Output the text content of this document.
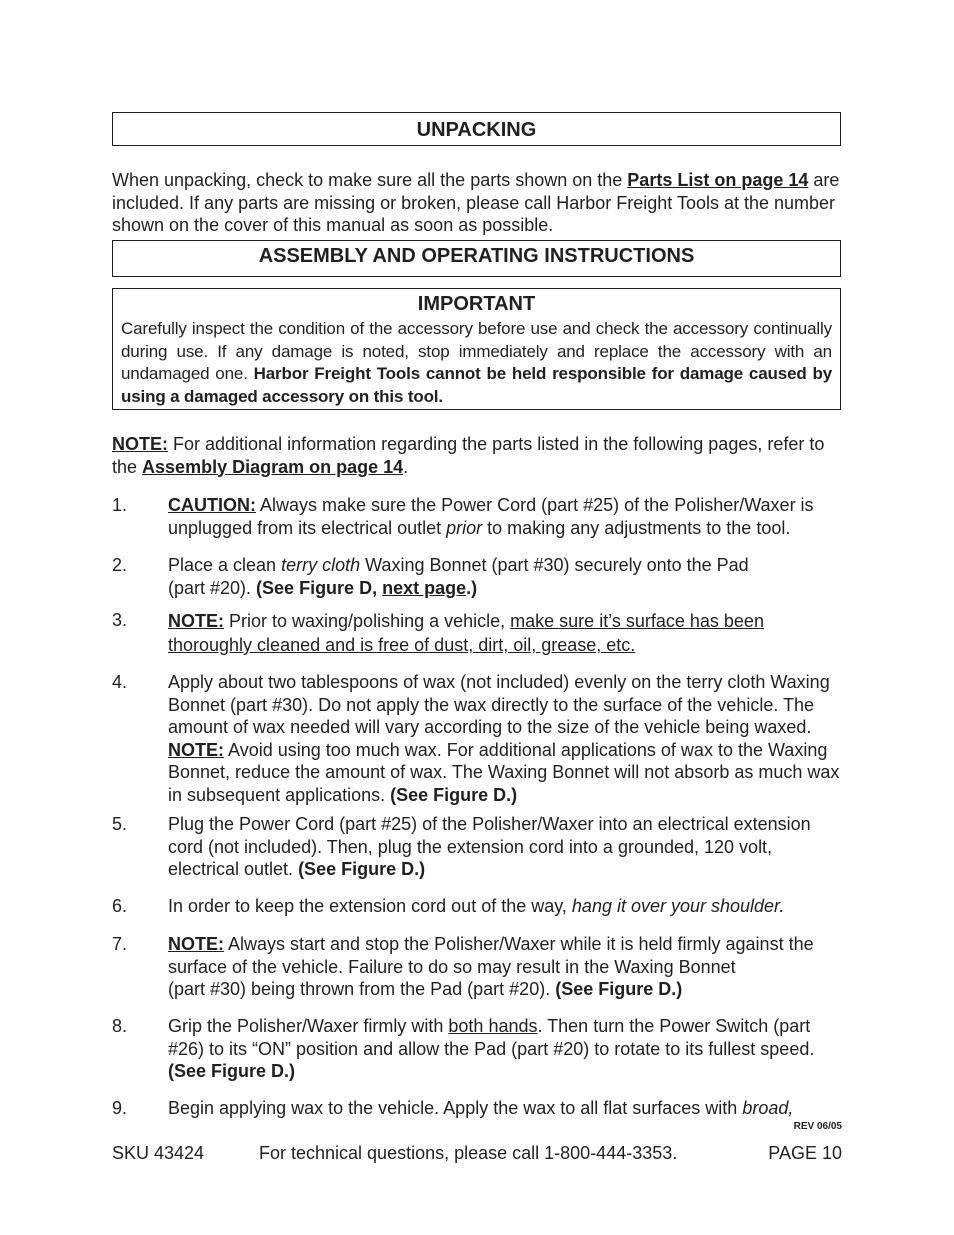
UNPACKING
When unpacking, check to make sure all the parts shown on the Parts List on page 14 are included. If any parts are missing or broken, please call Harbor Freight Tools at the number shown on the cover of this manual as soon as possible.
ASSEMBLY AND OPERATING INSTRUCTIONS
IMPORTANT
Carefully inspect the condition of the accessory before use and check the accessory continually during use. If any damage is noted, stop immediately and replace the accessory with an undamaged one. Harbor Freight Tools cannot be held responsible for damage caused by using a damaged accessory on this tool.
NOTE: For additional information regarding the parts listed in the following pages, refer to the Assembly Diagram on page 14.
1.	CAUTION: Always make sure the Power Cord (part #25) of the Polisher/Waxer is unplugged from its electrical outlet prior to making any adjustments to the tool.
2.	Place a clean terry cloth Waxing Bonnet (part #30) securely onto the Pad
(part #20). (See Figure D, next page.)
3.	NOTE: Prior to waxing/polishing a vehicle, make sure it’s surface has been
thoroughly cleaned and is free of dust, dirt, oil, grease, etc.
4.	Apply about two tablespoons of wax (not included) evenly on the terry cloth Waxing Bonnet (part #30). Do not apply the wax directly to the surface of the vehicle. The amount of wax needed will vary according to the size of the vehicle being waxed. NOTE: Avoid using too much wax. For additional applications of wax to the Waxing Bonnet, reduce the amount of wax. The Waxing Bonnet will not absorb as much wax in subsequent applications. (See Figure D.)
5.	Plug the Power Cord (part #25) of the Polisher/Waxer into an electrical extension cord (not included). Then, plug the extension cord into a grounded, 120 volt, electrical outlet. (See Figure D.)
6.	In order to keep the extension cord out of the way, hang it over your shoulder.
7.	NOTE: Always start and stop the Polisher/Waxer while it is held firmly against the surface of the vehicle. Failure to do so may result in the Waxing Bonnet
(part #30) being thrown from the Pad (part #20). (See Figure D.)
8.	Grip the Polisher/Waxer firmly with both hands. Then turn the Power Switch (part #26) to its “ON” position and allow the Pad (part #20) to rotate to its fullest speed. (See Figure D.)
9.	Begin applying wax to the vehicle. Apply the wax to all flat surfaces with broad,
REV 06/05
SKU 43424	For technical questions, please call 1-800-444-3353.	PAGE 10
